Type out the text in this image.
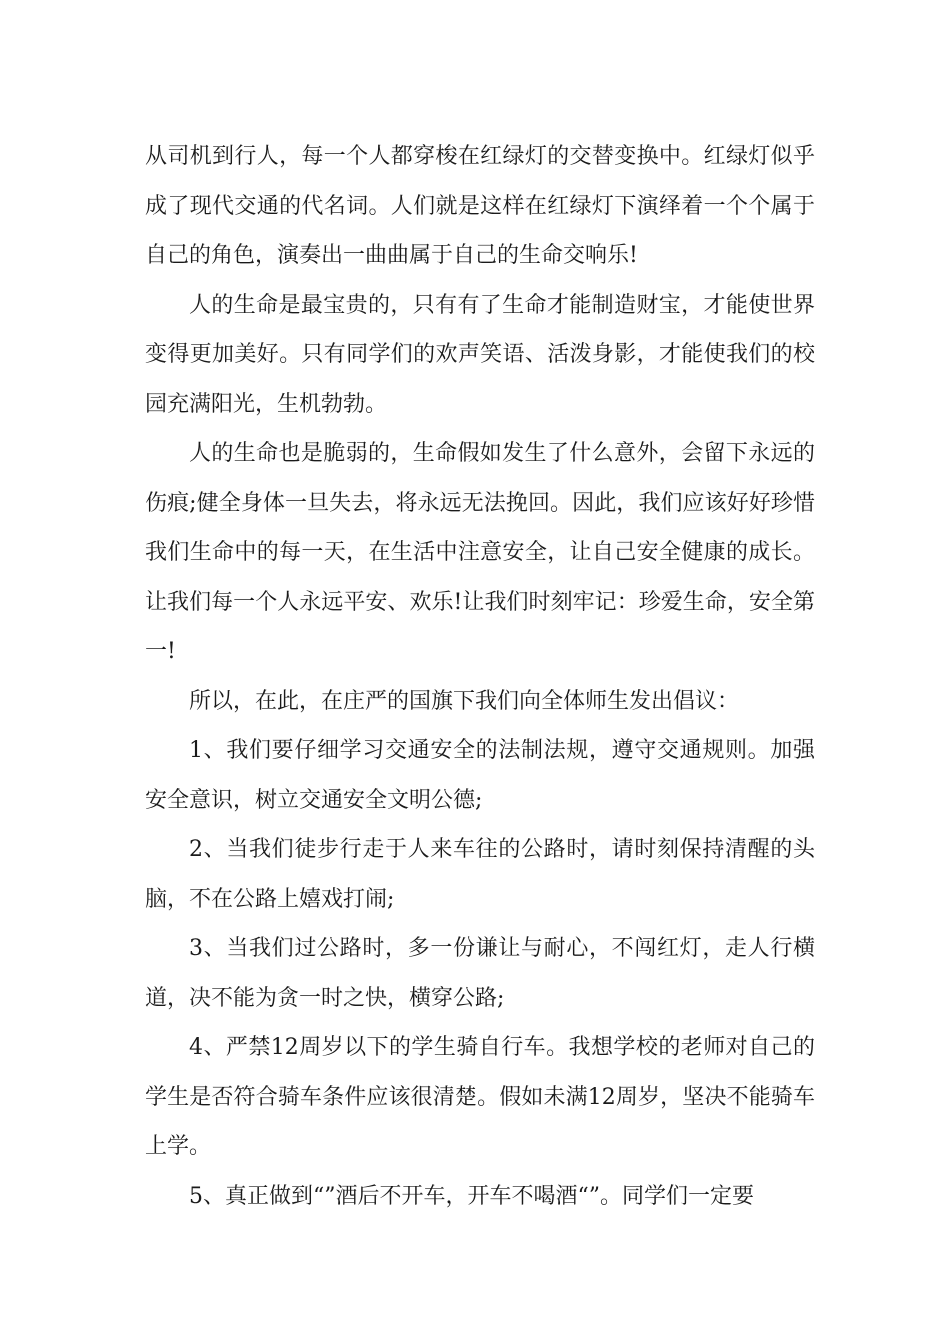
从司机到行人，每一个人都穿梭在红绿灯的交替变换中。红绿灯似乎成了现代交通的代名词。人们就是这样在红绿灯下演绎着一个个属于自己的角色，演奏出一曲曲属于自己的生命交响乐!

人的生命是最宝贵的，只有有了生命才能制造财宝，才能使世界变得更加美好。只有同学们的欢声笑语、活泼身影，才能使我们的校园充满阳光，生机勃勃。

人的生命也是脆弱的，生命假如发生了什么意外，会留下永远的伤痕;健全身体一旦失去，将永远无法挽回。因此，我们应该好好珍惜我们生命中的每一天，在生活中注意安全，让自己安全健康的成长。让我们每一个人永远平安、欢乐!让我们时刻牢记：珍爱生命，安全第一!

所以，在此，在庄严的国旗下我们向全体师生发出倡议：

1、我们要仔细学习交通安全的法制法规，遵守交通规则。加强安全意识，树立交通安全文明公德;

2、当我们徒步行走于人来车往的公路时，请时刻保持清醒的头脑，不在公路上嬉戏打闹;

3、当我们过公路时，多一份谦让与耐心，不闯红灯，走人行横道，决不能为贪一时之快，横穿公路;

4、严禁12周岁以下的学生骑自行车。我想学校的老师对自己的学生是否符合骑车条件应该很清楚。假如未满12周岁，坚决不能骑车上学。

5、真正做到“”酒后不开车，开车不喝酒“”。同学们一定要
